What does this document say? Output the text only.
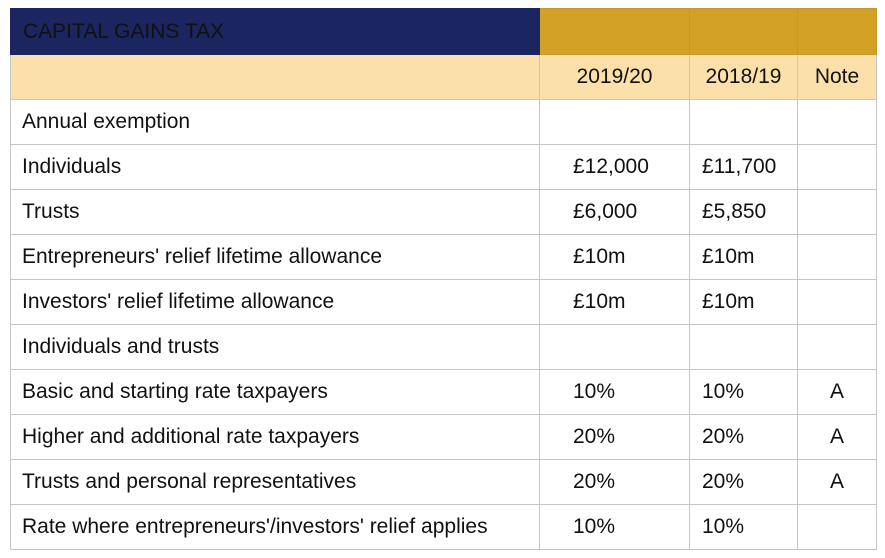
CAPITAL GAINS TAX			
	2019/20	2018/19	Note
Annual exemption			
Individuals	£12,000	£11,700	
Trusts	£6,000	£5,850	
Entrepreneurs' relief lifetime allowance	£10m	£10m	
Investors' relief lifetime allowance	£10m	£10m	
Individuals and trusts			
Basic and starting rate taxpayers	10%	10%	A
Higher and additional rate taxpayers	20%	20%	A
Trusts and personal representatives	20%	20%	A
Rate where entrepreneurs'/investors' relief applies	10%	10%	
